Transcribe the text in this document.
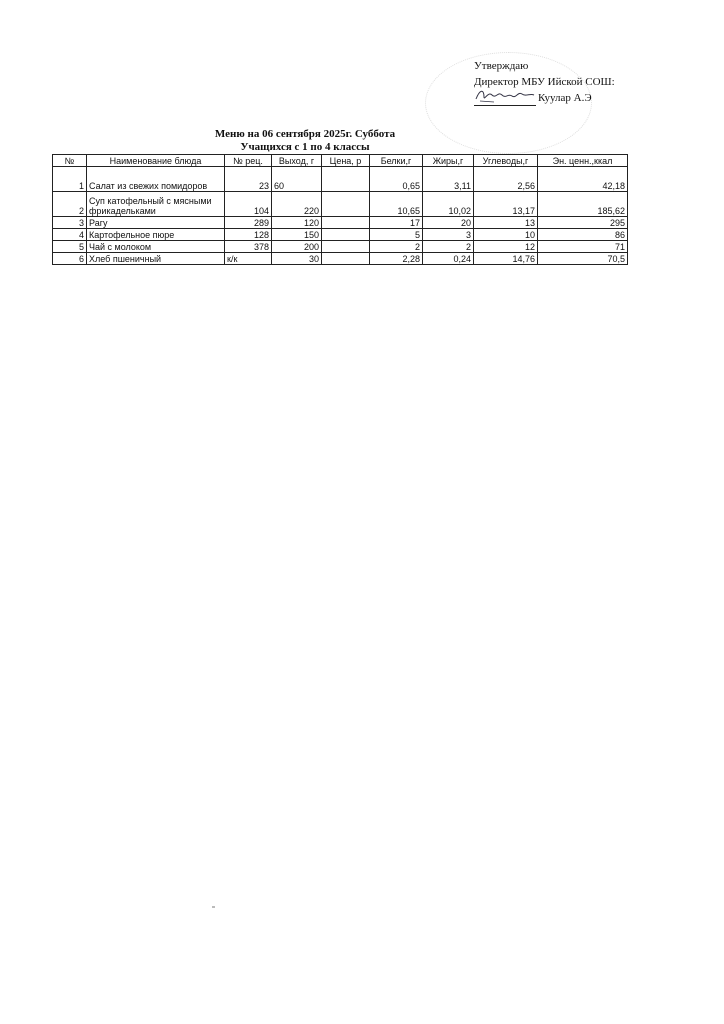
Утверждаю
Директор МБУ Ийской СОШ:
Куулар А.Э
Меню на 06 сентября 2025г. Суббота
Учащихся с 1 по 4 классы
№	Наименование блюда	№ рец.	Выход, г	Цена, р	Белки,г	Жиры,г	Углеводы,г	Эн. ценн.,ккал
1	Салат из свежих помидоров	23	60		0,65	3,11	2,56	42,18
2	Суп катофельный с мясными фрикадельками	104	220		10,65	10,02	13,17	185,62
3	Рагу	289	120		17	20	13	295
4	Картофельное пюре	128	150		5	3	10	86
5	Чай с молоком	378	200		2	2	12	71
6	Хлеб пшеничный	к/к	30		2,28	0,24	14,76	70,5
